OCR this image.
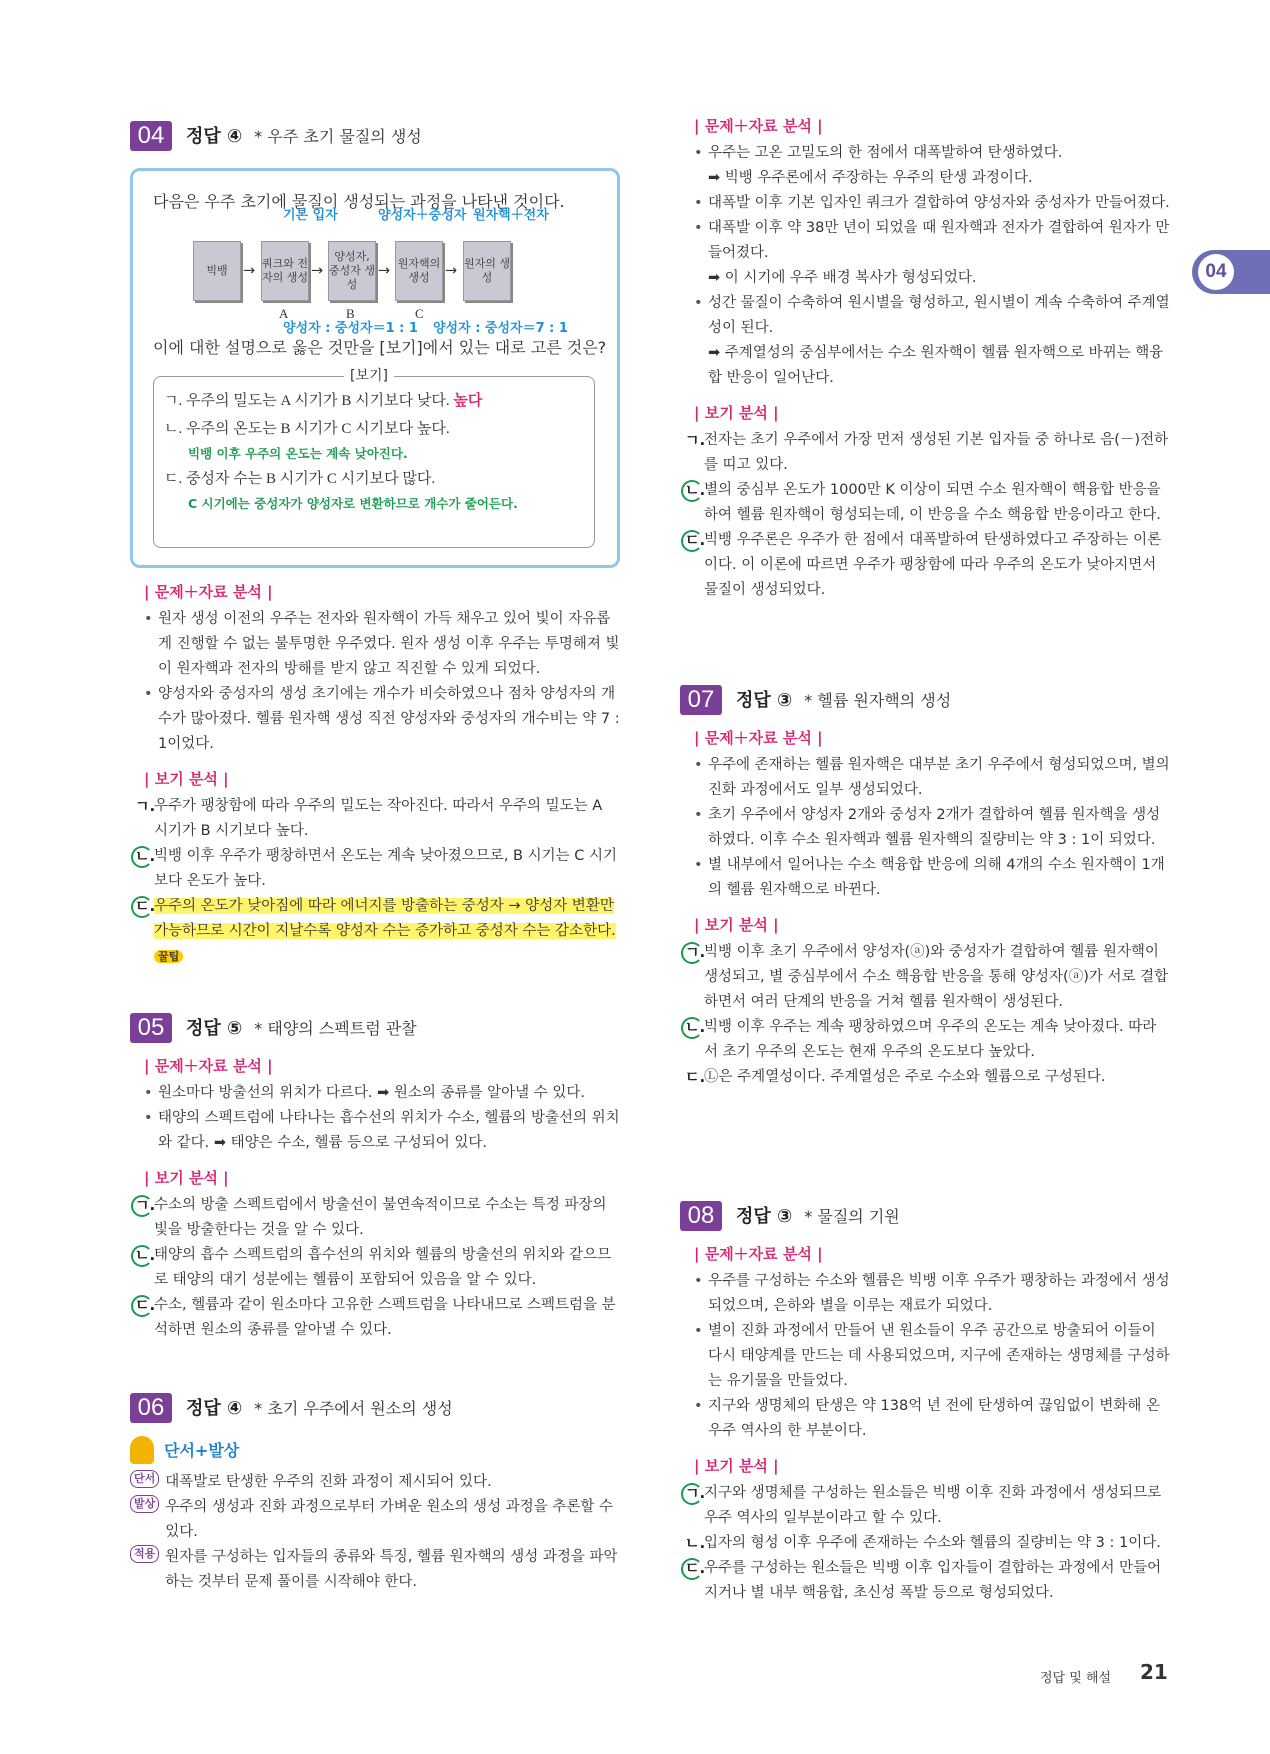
04
04	정답 ④ * 우주 초기 물질의 생성
다음은 우주 초기에 물질이 생성되는 과정을 나타낸 것이다.
기본 입자	양성자＋중성자 원자핵＋전자
빅뱅	→ 쿼크와 전자의 생성 →
양성자, 중성자 생성
→ 원자핵의 생성	→ 원자의 생성
A	B	C
양성자 : 중성자＝1 : 1 양성자 : 중성자＝7 : 1
이에 대한 설명으로 옳은 것만을 [보기]에서 있는 대로 고른 것은?
[보기]
ㄱ. 우주의 밀도는 A 시기가 B 시기보다 낮다. 높다
ㄴ. 우주의 온도는 B 시기가 C 시기보다 높다.
빅뱅 이후 우주의 온도는 계속 낮아진다.
ㄷ. 중성자 수는 B 시기가 C 시기보다 많다.
C 시기에는 중성자가 양성자로 변환하므로 개수가 줄어든다.
| 문제＋자료 분석 |
• 원자 생성 이전의 우주는 전자와 원자핵이 가득 채우고 있어 빛이 자유롭게 진행할 수 없는 불투명한 우주였다. 원자 생성 이후 우주는 투명해져 빛이 원자핵과 전자의 방해를 받지 않고 직진할 수 있게 되었다.
• 양성자와 중성자의 생성 초기에는 개수가 비슷하였으나 점차 양성자의 개수가 많아졌다. 헬륨 원자핵 생성 직전 양성자와 중성자의 개수비는 약 7 : 1이었다.
| 보기 분석 |
ㄱ.
우주가 팽창함에 따라 우주의 밀도는 작아진다. 따라서 우주의 밀도는 A 시기가 B 시기보다 높다.
ㄴ.
빅뱅 이후 우주가 팽창하면서 온도는 계속 낮아졌으므로, B 시기는 C 시기보다 온도가 높다.
ㄷ.
우주의 온도가 낮아짐에 따라 에너지를 방출하는 중성자 → 양성자 변환만 가능하므로 시간이 지날수록 양성자 수는 증가하고 중성자 수는 감소한다. 꿀팁
05	정답 ⑤ * 태양의 스펙트럼 관찰
| 문제＋자료 분석 |
• 원소마다 방출선의 위치가 다르다. ➡ 원소의 종류를 알아낼 수 있다.
• 태양의 스펙트럼에 나타나는 흡수선의 위치가 수소, 헬륨의 방출선의 위치와 같다. ➡ 태양은 수소, 헬륨 등으로 구성되어 있다.
| 보기 분석 |
ㄱ.
수소의 방출 스펙트럼에서 방출선이 불연속적이므로 수소는 특정 파장의 빛을 방출한다는 것을 알 수 있다.
ㄴ.
태양의 흡수 스펙트럼의 흡수선의 위치와 헬륨의 방출선의 위치와 같으므로 태양의 대기 성분에는 헬륨이 포함되어 있음을 알 수 있다.
ㄷ.
수소, 헬륨과 같이 원소마다 고유한 스펙트럼을 나타내므로 스펙트럼을 분석하면 원소의 종류를 알아낼 수 있다.
06	정답 ④ * 초기 우주에서 원소의 생성
단서+발상
단서 대폭발로 탄생한 우주의 진화 과정이 제시되어 있다.
발상 우주의 생성과 진화 과정으로부터 가벼운 원소의 생성 과정을 추론할 수 있다.
적용 원자를 구성하는 입자들의 종류와 특징, 헬륨 원자핵의 생성 과정을 파악하는 것부터 문제 풀이를 시작해야 한다.
| 문제＋자료 분석 |
• 우주는 고온 고밀도의 한 점에서 대폭발하여 탄생하였다.
➡ 빅뱅 우주론에서 주장하는 우주의 탄생 과정이다.
• 대폭발 이후 기본 입자인 쿼크가 결합하여 양성자와 중성자가 만들어졌다.
• 대폭발 이후 약 38만 년이 되었을 때 원자핵과 전자가 결합하여 원자가 만들어졌다.
➡ 이 시기에 우주 배경 복사가 형성되었다.
• 성간 물질이 수축하여 원시별을 형성하고, 원시별이 계속 수축하여 주계열성이 된다.
➡ 주계열성의 중심부에서는 수소 원자핵이 헬륨 원자핵으로 바뀌는 핵융합 반응이 일어난다.
| 보기 분석 |
ㄱ.
전자는 초기 우주에서 가장 먼저 생성된 기본 입자들 중 하나로 음(－)전하를 띠고 있다.
ㄴ.
별의 중심부 온도가 1000만 K 이상이 되면 수소 원자핵이 핵융합 반응을 하여 헬륨 원자핵이 형성되는데, 이 반응을 수소 핵융합 반응이라고 한다.
ㄷ.
빅뱅 우주론은 우주가 한 점에서 대폭발하여 탄생하였다고 주장하는 이론이다. 이 이론에 따르면 우주가 팽창함에 따라 우주의 온도가 낮아지면서 물질이 생성되었다.
07	정답 ③ * 헬륨 원자핵의 생성
| 문제＋자료 분석 |
• 우주에 존재하는 헬륨 원자핵은 대부분 초기 우주에서 형성되었으며, 별의 진화 과정에서도 일부 생성되었다.
• 초기 우주에서 양성자 2개와 중성자 2개가 결합하여 헬륨 원자핵을 생성하였다. 이후 수소 원자핵과 헬륨 원자핵의 질량비는 약 3 : 1이 되었다.
• 별 내부에서 일어나는 수소 핵융합 반응에 의해 4개의 수소 원자핵이 1개의 헬륨 원자핵으로 바뀐다.
| 보기 분석 |
ㄱ.
빅뱅 이후 초기 우주에서 양성자(ⓐ)와 중성자가 결합하여 헬륨 원자핵이 생성되고, 별 중심부에서 수소 핵융합 반응을 통해 양성자(ⓐ)가 서로 결합하면서 여러 단계의 반응을 거쳐 헬륨 원자핵이 생성된다.
ㄴ.
빅뱅 이후 우주는 계속 팽창하였으며 우주의 온도는 계속 낮아졌다. 따라서 초기 우주의 온도는 현재 우주의 온도보다 높았다.
ㄷ.
Ⓛ은 주계열성이다. 주계열성은 주로 수소와 헬륨으로 구성된다.
08	정답 ③ * 물질의 기원
| 문제＋자료 분석 |
• 우주를 구성하는 수소와 헬륨은 빅뱅 이후 우주가 팽창하는 과정에서 생성되었으며, 은하와 별을 이루는 재료가 되었다.
• 별이 진화 과정에서 만들어 낸 원소들이 우주 공간으로 방출되어 이들이 다시 태양계를 만드는 데 사용되었으며, 지구에 존재하는 생명체를 구성하는 유기물을 만들었다.
• 지구와 생명체의 탄생은 약 138억 년 전에 탄생하여 끊임없이 변화해 온 우주 역사의 한 부분이다.
| 보기 분석 |
ㄱ.
지구와 생명체를 구성하는 원소들은 빅뱅 이후 진화 과정에서 생성되므로 우주 역사의 일부분이라고 할 수 있다.
ㄴ.
입자의 형성 이후 우주에 존재하는 수소와 헬륨의 질량비는 약 3 : 1이다.
ㄷ.
우주를 구성하는 원소들은 빅뱅 이후 입자들이 결합하는 과정에서 만들어지거나 별 내부 핵융합, 초신성 폭발 등으로 형성되었다.
정답 및 해설 21
